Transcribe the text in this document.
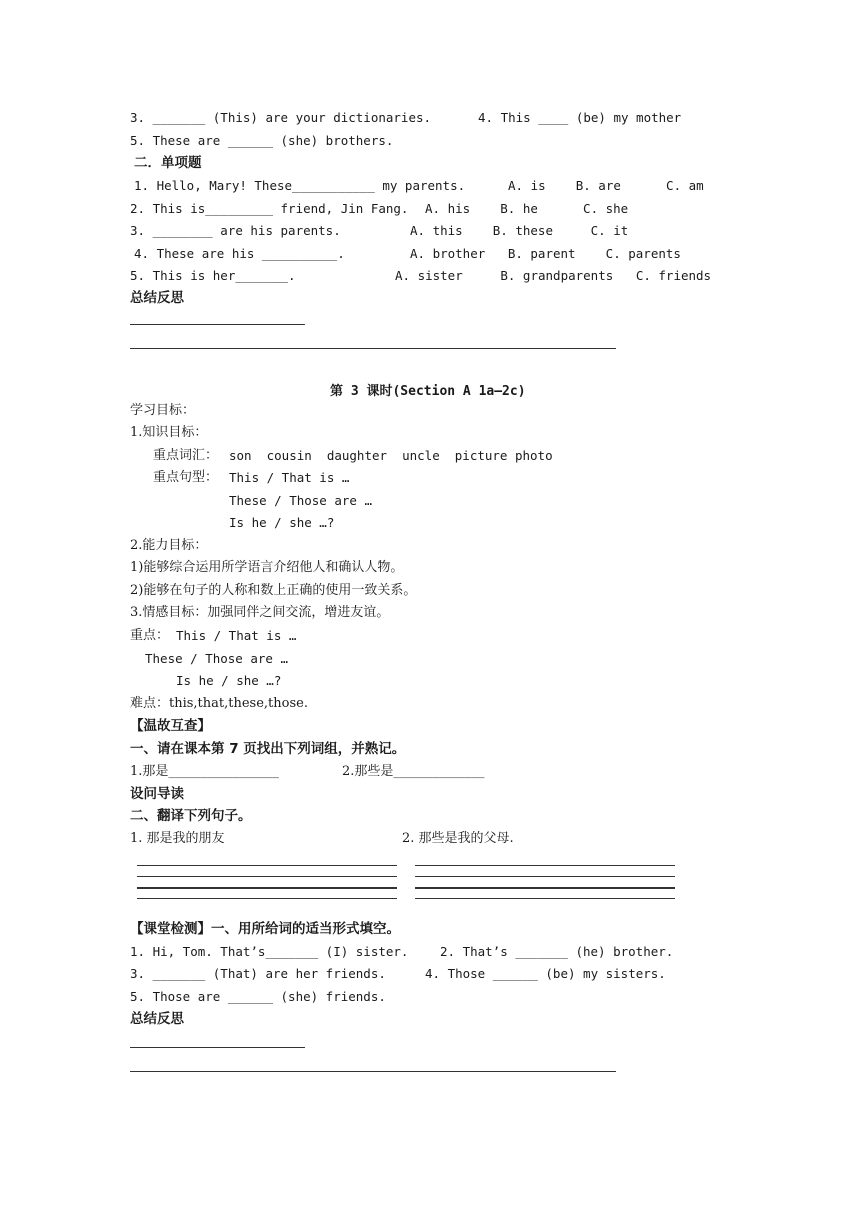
3. _______ (This) are your dictionaries.	4. This ____ (be) my mother
5. These are ______ (she) brothers.
二．单项题
1. Hello, Mary! These___________ my parents.	A. is    B. are      C. am
2. This is_________ friend, Jin Fang. A. his    B. he      C. she
3. ________ are his parents.	A. this    B. these     C. it
4. These are his __________.	A. brother   B. parent    C. parents
5. This is her_______.	A. sister     B. grandparents   C. friends
总结反思
第 3 课时(Section A 1a—2c)
学习目标：
1.知识目标：
重点词汇： son  cousin  daughter  uncle  picture photo
重点句型： This / That is …
These / Those are …
Is he / she …?
2.能力目标：
1)能够综合运用所学语言介绍他人和确认人物。
2)能够在句子的人称和数上正确的使用一致关系。
3.情感目标：加强同伴之间交流，增进友谊。
重点： This / That is …
These / Those are …
Is he / she …?
难点：this,that,these,those.
【温故互查】
一、请在课本第 7 页找出下列词组，并熟记。
1.那是_________________	2.那些是______________
设问导读
二、翻译下列句子。
1. 那是我的朋友	2. 那些是我的父母.
【课堂检测】一、用所给词的适当形式填空。
1. Hi, Tom. That’s_______ (I) sister.	2. That’s _______ (he) brother.
3. _______ (That) are her friends.	4. Those ______ (be) my sisters.
5. Those are ______ (she) friends.
总结反思
